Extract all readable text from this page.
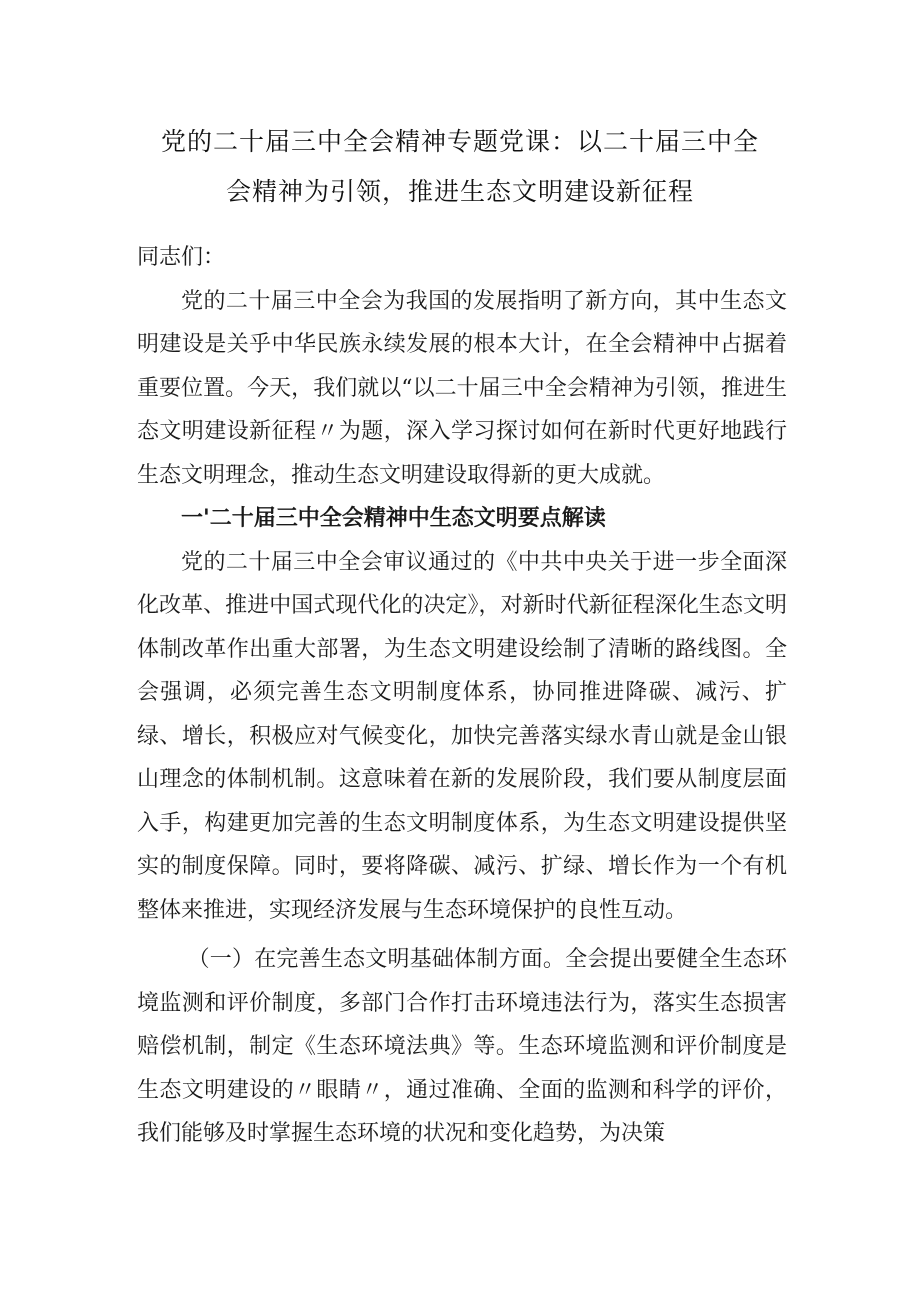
党的二十届三中全会精神专题党课：以二十届三中全
会精神为引领，推进生态文明建设新征程

同志们：

党的二十届三中全会为我国的发展指明了新方向，其中生态文明建设是关乎中华民族永续发展的根本大计，在全会精神中占据着重要位置。今天，我们就以“以二十届三中全会精神为引领，推进生态文明建设新征程〃为题，深入学习探讨如何在新时代更好地践行生态文明理念，推动生态文明建设取得新的更大成就。

一'二十届三中全会精神中生态文明要点解读

党的二十届三中全会审议通过的《中共中央关于进一步全面深化改革、推进中国式现代化的决定》，对新时代新征程深化生态文明体制改革作出重大部署，为生态文明建设绘制了清晰的路线图。全会强调，必须完善生态文明制度体系，协同推进降碳、减污、扩绿、增长，积极应对气候变化，加快完善落实绿水青山就是金山银山理念的体制机制。这意味着在新的发展阶段，我们要从制度层面入手，构建更加完善的生态文明制度体系，为生态文明建设提供坚实的制度保障。同时，要将降碳、减污、扩绿、增长作为一个有机整体来推进，实现经济发展与生态环境保护的良性互动。

（一）在完善生态文明基础体制方面。全会提出要健全生态环境监测和评价制度，多部门合作打击环境违法行为，落实生态损害赔偿机制，制定《生态环境法典》等。生态环境监测和评价制度是生态文明建设的〃眼睛〃，通过准确、全面的监测和科学的评价，我们能够及时掌握生态环境的状况和变化趋势，为决策
